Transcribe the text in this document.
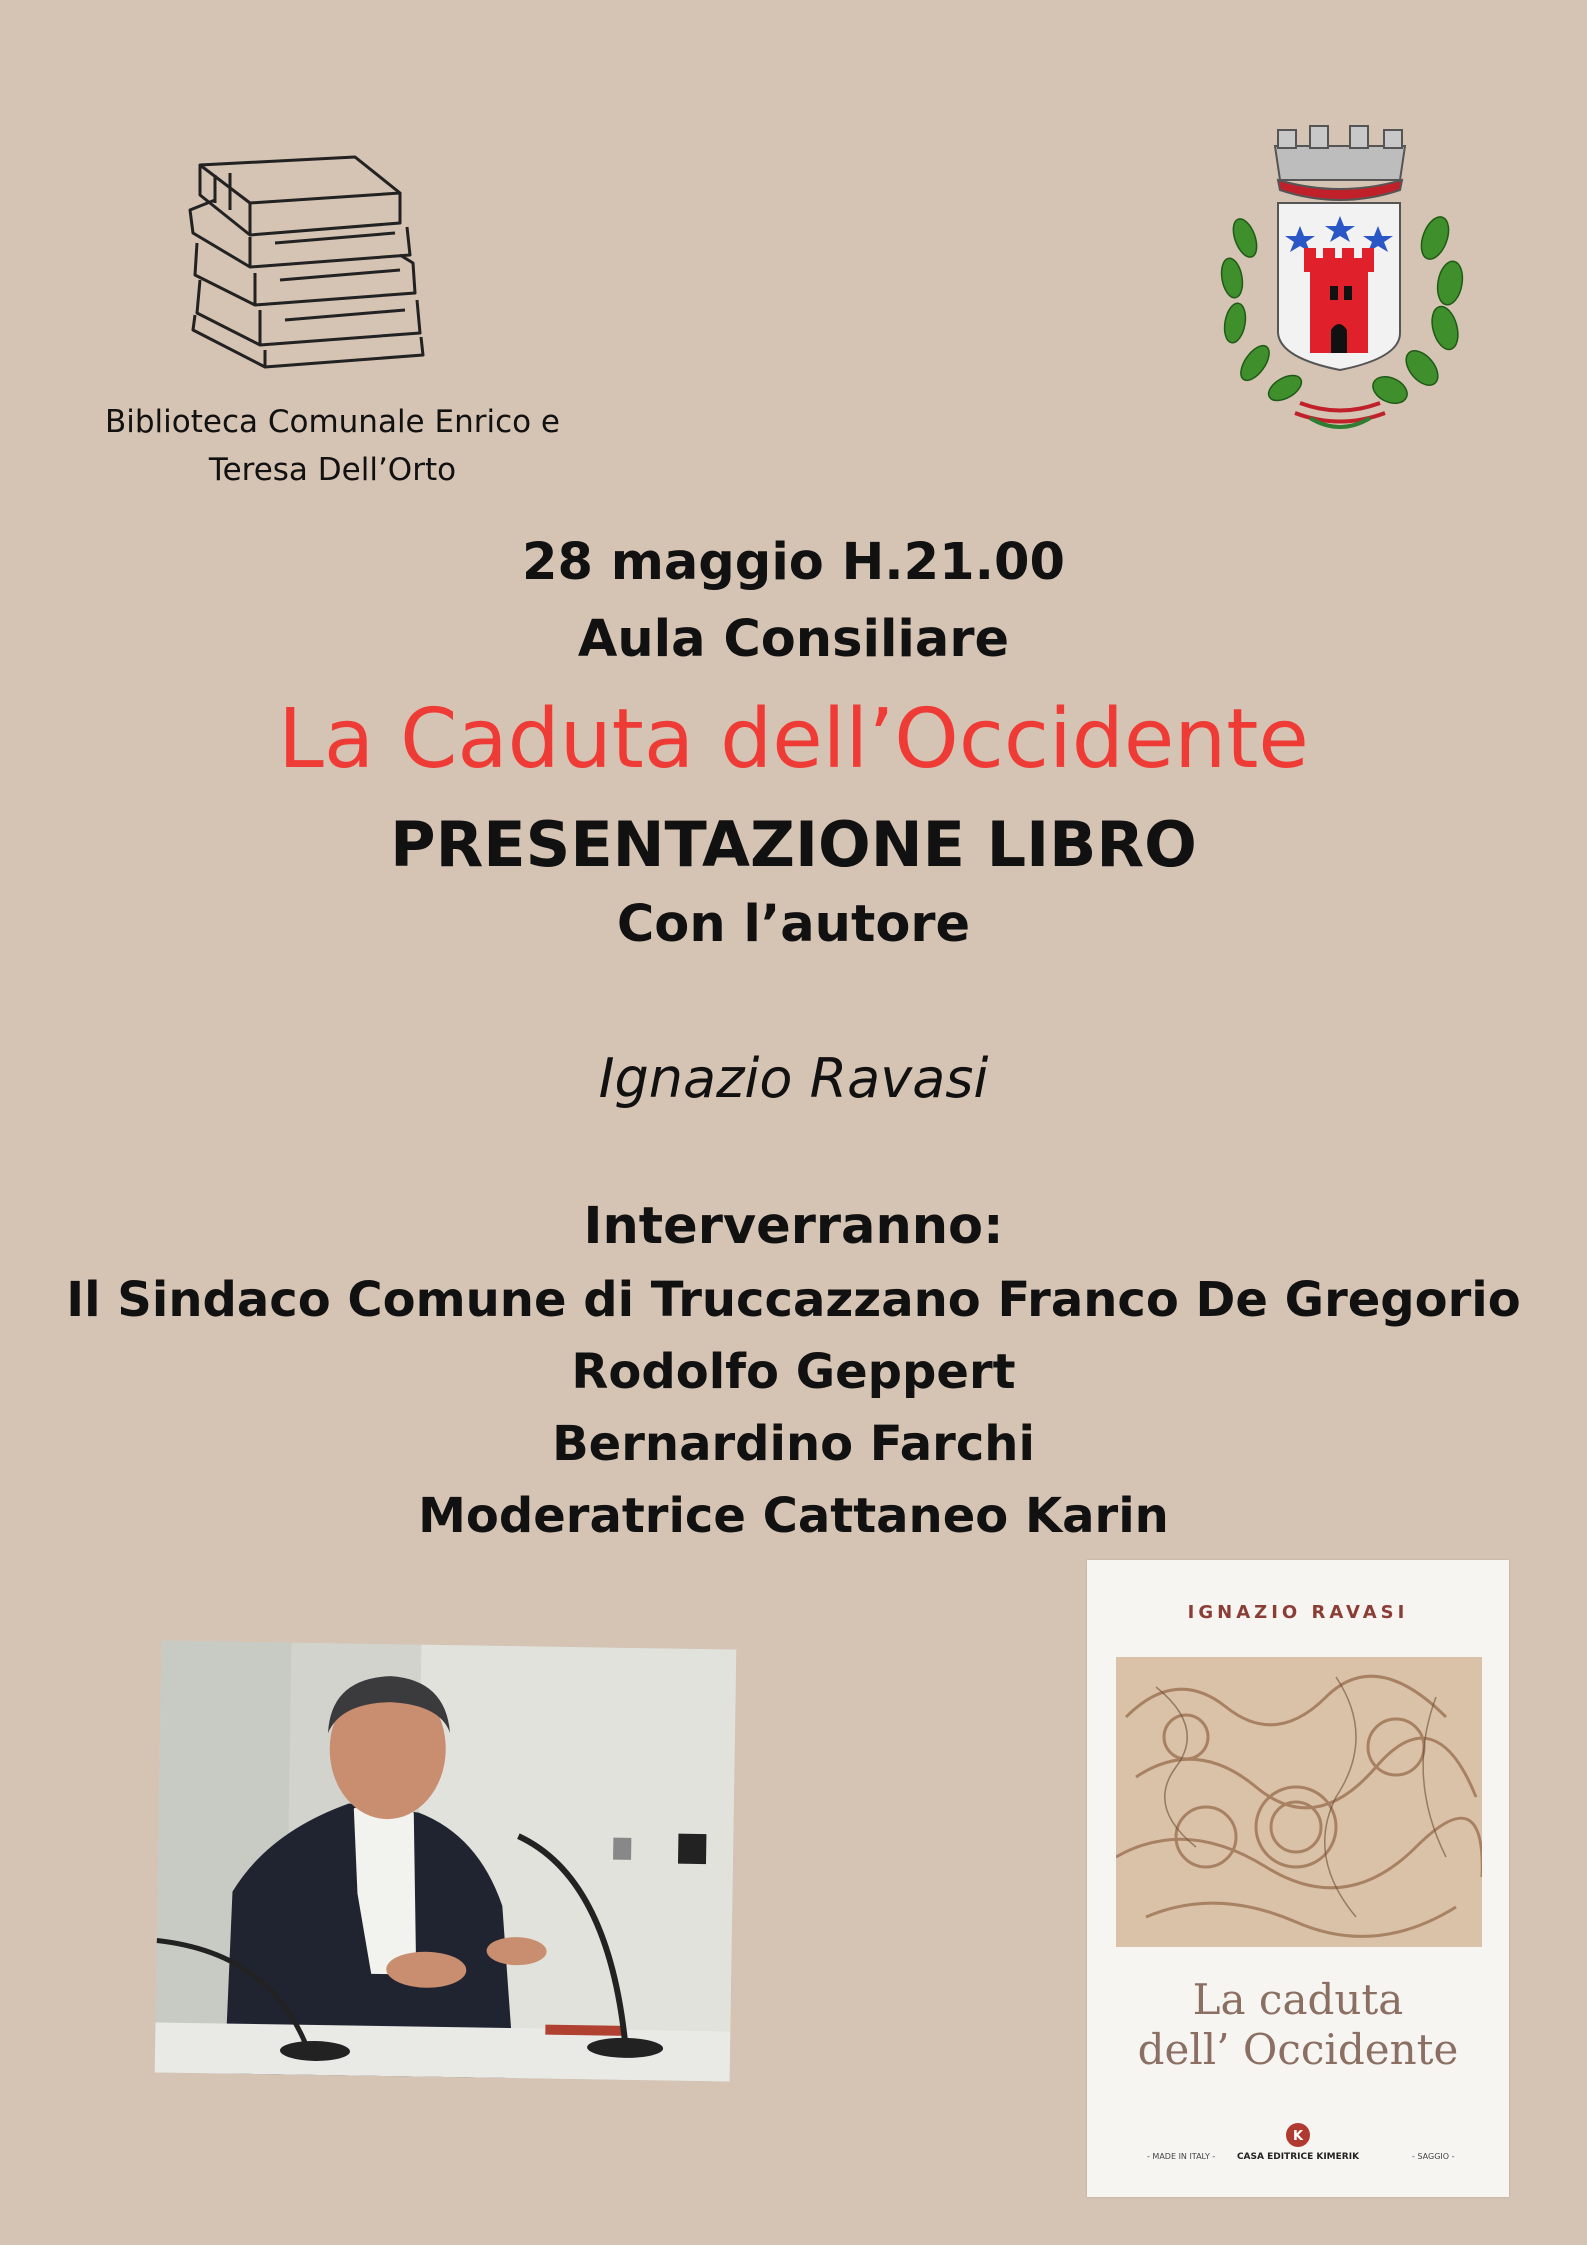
Biblioteca Comunale Enrico e
Teresa Dell’Orto
28 maggio H.21.00
Aula Consiliare
La Caduta dell’Occidente
PRESENTAZIONE LIBRO
Con l’autore
Ignazio Ravasi
Interverranno:
Il Sindaco Comune di Truccazzano Franco De Gregorio
Rodolfo Geppert
Bernardino Farchi
Moderatrice Cattaneo Karin
IGNAZIO RAVASI
La caduta
dell’ Occidente
K
- MADE IN ITALY -	CASA EDITRICE KIMERIK	- SAGGIO -
